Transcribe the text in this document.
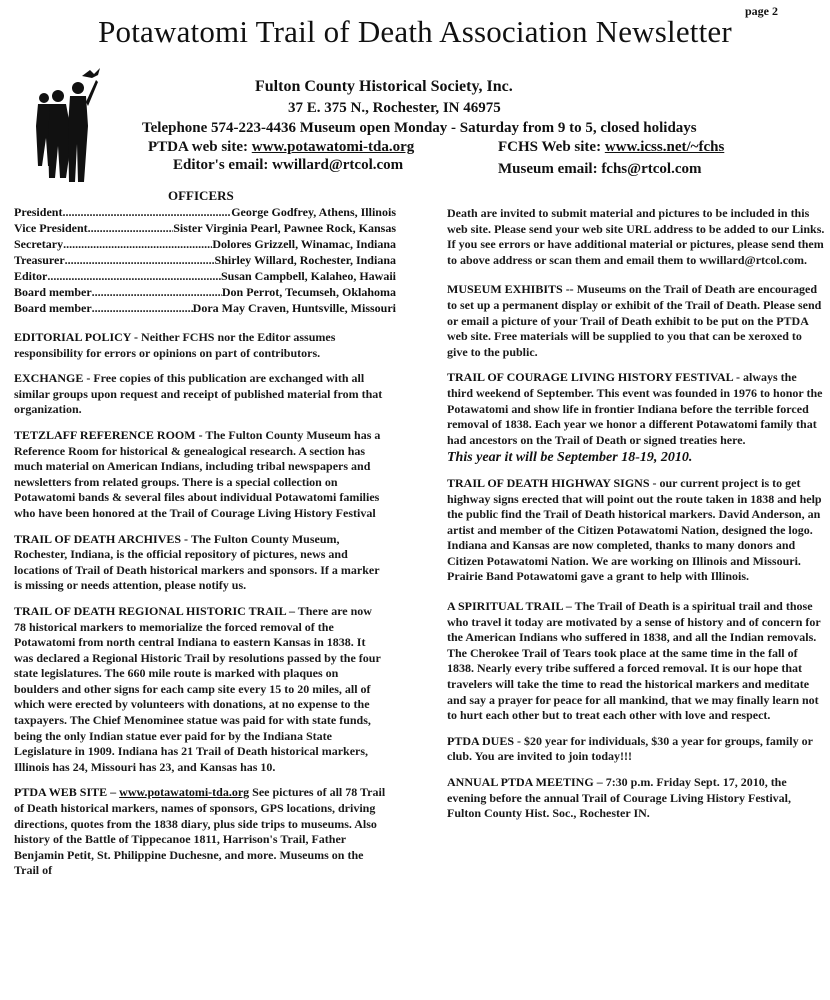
page 2
Potawatomi Trail of Death Association Newsletter
Fulton County Historical Society, Inc.
37 E. 375 N., Rochester, IN 46975
Telephone 574-223-4436 Museum open Monday - Saturday from 9 to 5, closed holidays
PTDA web site: www.potawatomi-tda.org	FCHS Web site: www.icss.net/~fchs
Editor's email: wwillard@rtcol.com	Museum email: fchs@rtcol.com
OFFICERS
President .....	George Godfrey, Athens, Illinois
Vice President .....	Sister Virginia Pearl, Pawnee Rock, Kansas
Secretary .....	Dolores Grizzell, Winamac, Indiana
Treasurer .....	Shirley Willard, Rochester, Indiana
Editor .....	Susan Campbell, Kalaheo, Hawaii
Board member .....	Don Perrot, Tecumseh, Oklahoma
Board member .....	Dora May Craven, Huntsville, Missouri

EDITORIAL POLICY - Neither FCHS nor the Editor assumes responsibility for errors or opinions on part of contributors.

EXCHANGE - Free copies of this publication are exchanged with all similar groups upon request and receipt of published material from that organization.

TETZLAFF REFERENCE ROOM - The Fulton County Museum has a Reference Room for historical & genealogical research. A section has much material on American Indians, including tribal newspapers and newsletters from related groups. There is a special collection on Potawatomi bands & several files about individual Potawatomi families who have been honored at the Trail of Courage Living History Festival

TRAIL OF DEATH ARCHIVES - The Fulton County Museum, Rochester, Indiana, is the official repository of pictures, news and locations of Trail of Death historical markers and sponsors. If a marker is missing or needs attention, please notify us.

TRAIL OF DEATH REGIONAL HISTORIC TRAIL – There are now 78 historical markers to memorialize the forced removal of the Potawatomi from north central Indiana to eastern Kansas in 1838. It was declared a Regional Historic Trail by resolutions passed by the four state legislatures. The 660 mile route is marked with plaques on boulders and other signs for each camp site every 15 to 20 miles, all of which were erected by volunteers with donations, at no expense to the taxpayers. The Chief Menominee statue was paid for with state funds, being the only Indian statue ever paid for by the Indiana State Legislature in 1909. Indiana has 21 Trail of Death historical markers, Illinois has 24, Missouri has 23, and Kansas has 10.

PTDA WEB SITE – www.potawatomi-tda.org See pictures of all 78 Trail of Death historical markers, names of sponsors, GPS locations, driving directions, quotes from the 1838 diary, plus side trips to museums. Also history of the Battle of Tippecanoe 1811, Harrison's Trail, Father Benjamin Petit, St. Philippine Duchesne, and more. Museums on the Trail of

Death are invited to submit material and pictures to be included in this web site. Please send your web site URL address to be added to our Links.

If you see errors or have additional material or pictures, please send them to above address or scan them and email them to wwillard@rtcol.com.

MUSEUM EXHIBITS -- Museums on the Trail of Death are encouraged to set up a permanent display or exhibit of the Trail of Death. Please send or email a picture of your Trail of Death exhibit to be put on the PTDA web site. Free materials will be supplied to you that can be xeroxed to give to the public.

TRAIL OF COURAGE LIVING HISTORY FESTIVAL - always the third weekend of September. This event was founded in 1976 to honor the Potawatomi and show life in frontier Indiana before the terrible forced removal of 1838. Each year we honor a different Potawatomi family that had ancestors on the Trail of Death or signed treaties here.

This year it will be September 18-19, 2010.

TRAIL OF DEATH HIGHWAY SIGNS - our current project is to get highway signs erected that will point out the route taken in 1838 and help the public find the Trail of Death historical markers. David Anderson, an artist and member of the Citizen Potawatomi Nation, designed the logo. Indiana and Kansas are now completed, thanks to many donors and Citizen Potawatomi Nation. We are working on Illinois and Missouri. Prairie Band Potawatomi gave a grant to help with Illinois.

A SPIRITUAL TRAIL – The Trail of Death is a spiritual trail and those who travel it today are motivated by a sense of history and of concern for the American Indians who suffered in 1838, and all the Indian removals. The Cherokee Trail of Tears took place at the same time in the fall of 1838. Nearly every tribe suffered a forced removal. It is our hope that travelers will take the time to read the historical markers and meditate and say a prayer for peace for all mankind, that we may finally learn not to hurt each other but to treat each other with love and respect.

PTDA DUES - $20 year for individuals, $30 a year for groups, family or club. You are invited to join today!!!

ANNUAL PTDA MEETING – 7:30 p.m. Friday Sept. 17, 2010, the evening before the annual Trail of Courage Living History Festival, Fulton County Hist. Soc., Rochester IN.
